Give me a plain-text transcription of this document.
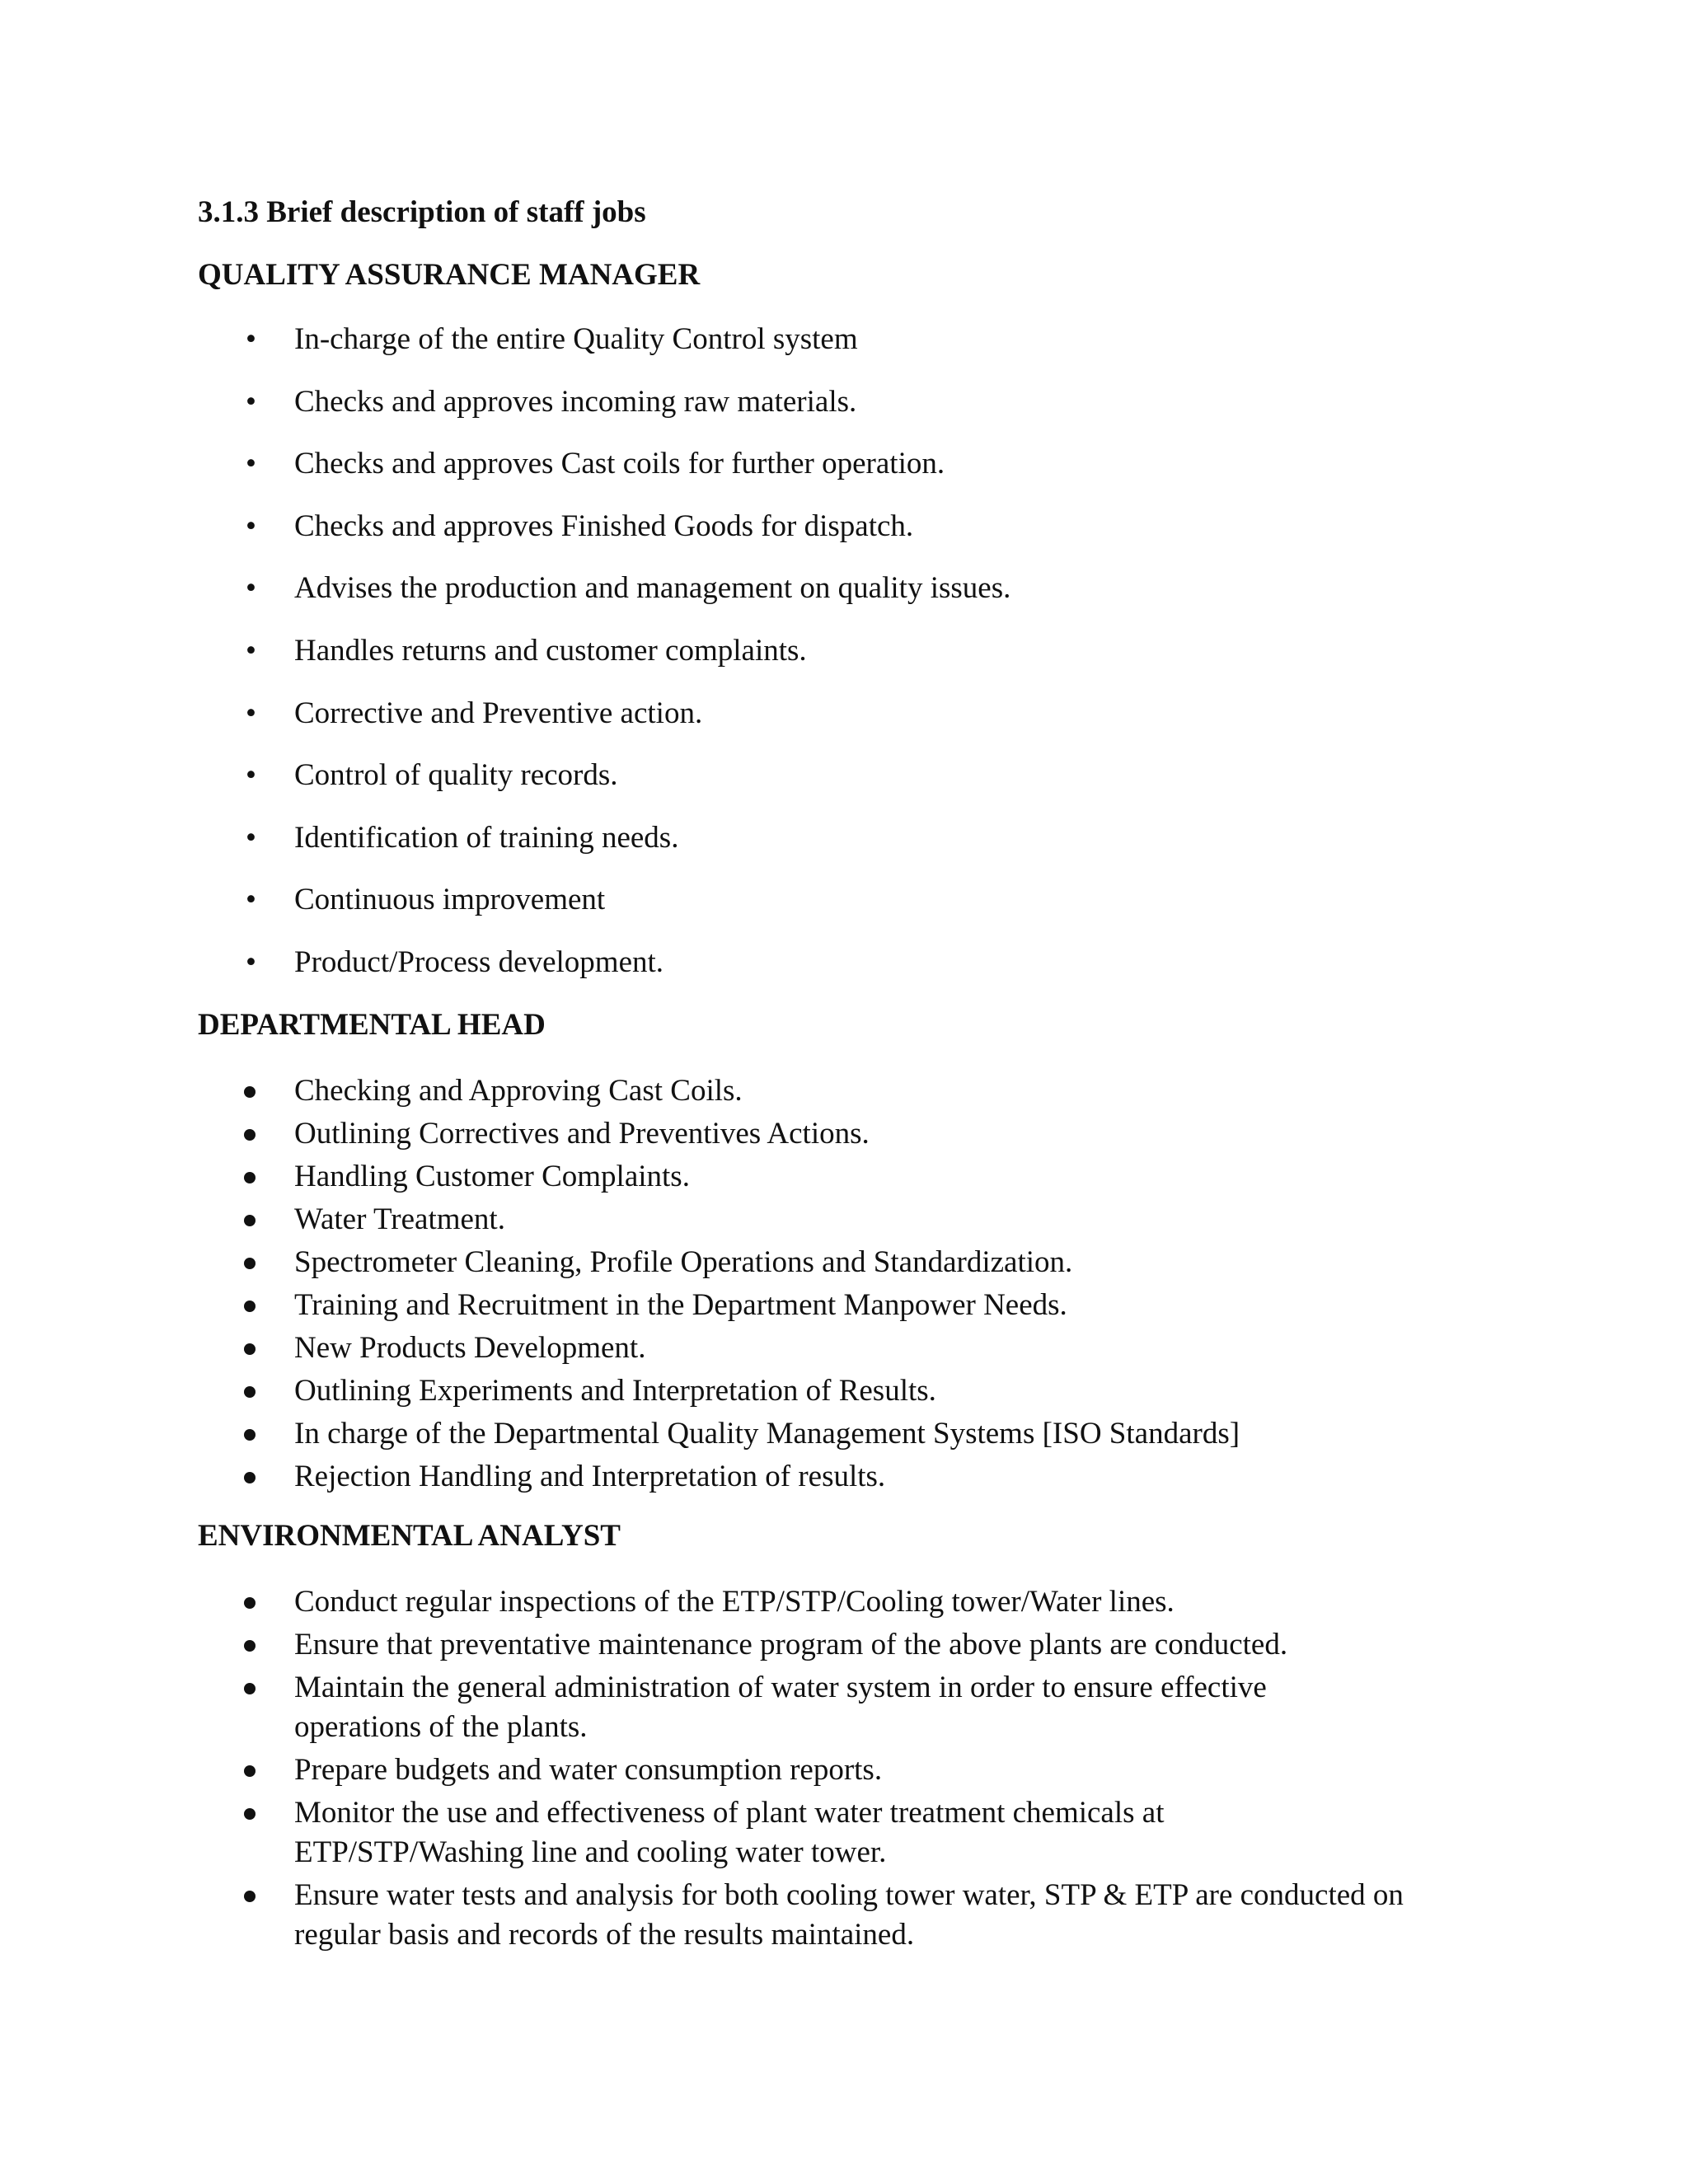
3.1.3 Brief description of staff jobs
QUALITY ASSURANCE MANAGER
• In-charge of the entire Quality Control system
• Checks and approves incoming raw materials.
• Checks and approves Cast coils for further operation.
• Checks and approves Finished Goods for dispatch.
• Advises the production and management on quality issues.
• Handles returns and customer complaints.
• Corrective and Preventive action.
• Control of quality records.
• Identification of training needs.
• Continuous improvement
• Product/Process development.
DEPARTMENTAL HEAD
Checking and Approving Cast Coils.
Outlining Correctives and Preventives Actions.
Handling Customer Complaints.
Water Treatment.
Spectrometer Cleaning, Profile Operations and Standardization.
Training and Recruitment in the Department Manpower Needs.
New Products Development.
Outlining Experiments and Interpretation of Results.
In charge of the Departmental Quality Management Systems [ISO Standards]
Rejection Handling and Interpretation of results.
ENVIRONMENTAL ANALYST
Conduct regular inspections of the ETP/STP/Cooling tower/Water lines.
Ensure that preventative maintenance program of the above plants are conducted.
Maintain the general administration of water system in order to ensure effective operations of the plants.
Prepare budgets and water consumption reports.
Monitor the use and effectiveness of plant water treatment chemicals at ETP/STP/Washing line and cooling water tower.
Ensure water tests and analysis for both cooling tower water, STP & ETP are conducted on regular basis and records of the results maintained.
